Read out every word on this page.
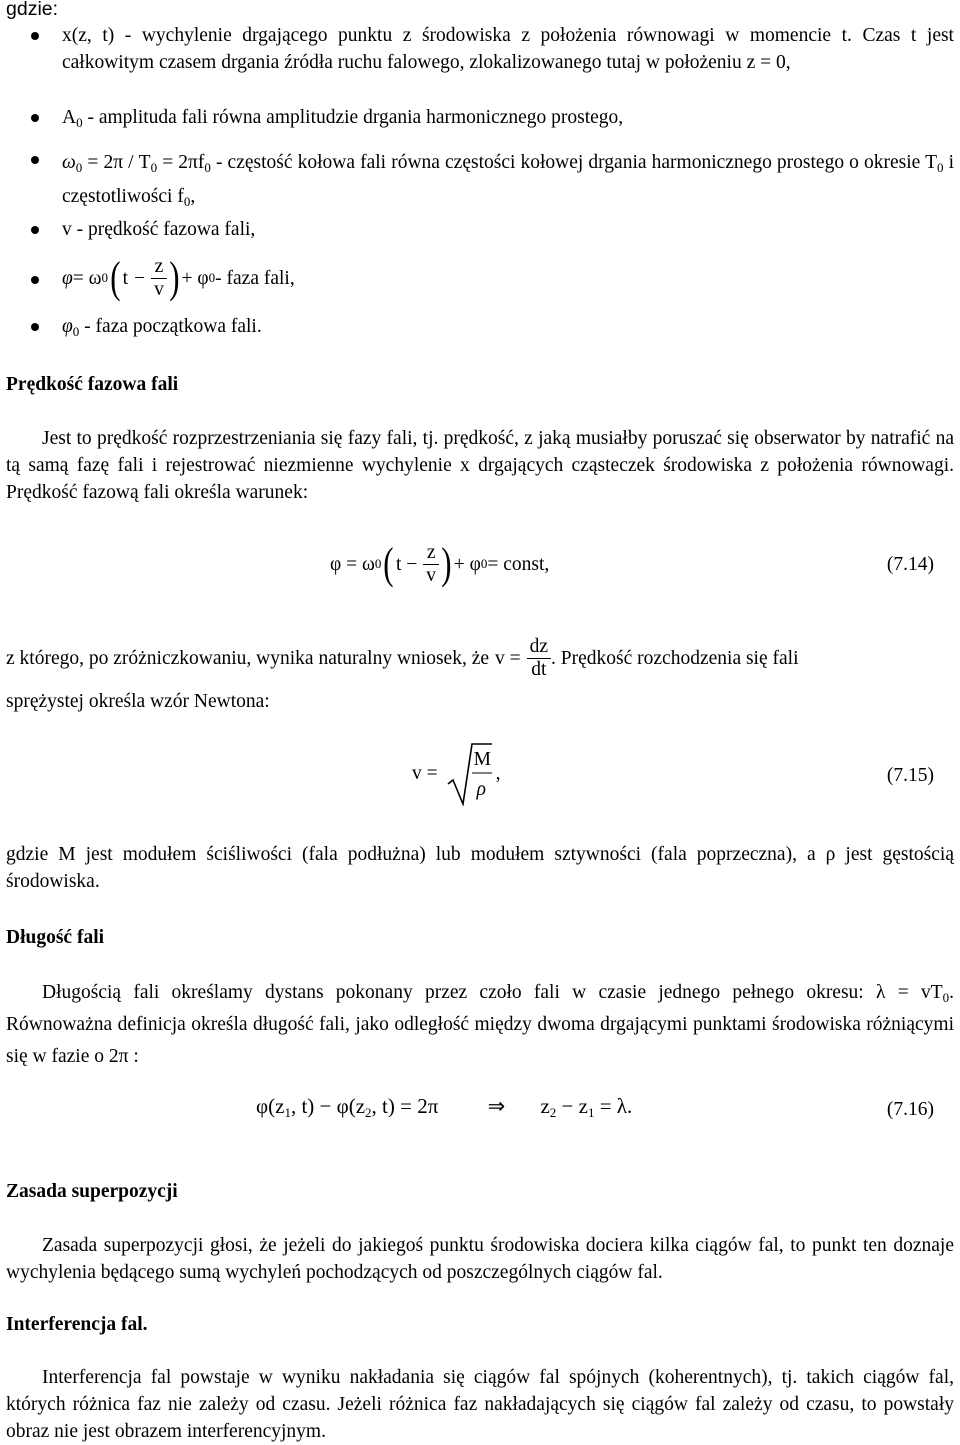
gdzie:
x(z, t) - wychylenie drgającego punktu z środowiska z położenia równowagi w momencie t. Czas t jest całkowitym czasem drgania źródła ruchu falowego, zlokalizowanego tutaj w położeniu z = 0,
$A_0$ - amplituda fali równa amplitudzie drgania harmonicznego prostego,
$\omega_0 = 2\pi / T_0 = 2\pi f_0$ - częstość kołowa fali równa częstości kołowej drgania harmonicznego prostego o okresie $T_0$ i częstotliwości $f_0$,
v - prędkość fazowa fali,
φ = ω 0 ( $t - \frac{z}{v}$ ) + φ 0 - faza fali,
$\varphi_0$ - faza początkowa fali.
Prędkość fazowa fali
Jest to prędkość rozprzestrzeniania się fazy fali, tj. prędkość, z jaką musiałby poruszać się obserwator by natrafić na tą samą fazę fali i rejestrować niezmienne wychylenie x drgających cząsteczek środowiska z położenia równowagi. Prędkość fazową fali określa warunek:
φ = ω 0 ( $t - \frac{z}{v}$ ) + φ 0 = const,	(7.14)
z którego, po zróżniczkowaniu, wynika naturalny wniosek, że $v = \frac{dz}{dt}$ . Prędkość rozchodzenia się fali
sprężystej określa wzór Newtona:
v =
M
ρ
,	(7.15)
gdzie M jest modułem ściśliwości (fala podłużna) lub modułem sztywności (fala poprzeczna), a ρ jest gęstością środowiska.
Długość fali
Długością fali określamy dystans pokonany przez czoło fali w czasie jednego pełnego okresu: $\lambda = vT_0$. Równoważna definicja określa długość fali, jako odległość między dwoma drgającymi punktami środowiska różniącymi się w fazie o 2π :
$\varphi(z_1$, $t) - \varphi(z_2$, t) = 2π ⇒ $z_2 - z_1 = \lambda$.	(7.16)
Zasada superpozycji
Zasada superpozycji głosi, że jeżeli do jakiegoś punktu środowiska dociera kilka ciągów fal, to punkt ten doznaje wychylenia będącego sumą wychyleń pochodzących od poszczególnych ciągów fal.
Interferencja fal.
Interferencja fal powstaje w wyniku nakładania się ciągów fal spójnych (koherentnych), tj. takich ciągów fal, których różnica faz nie zależy od czasu. Jeżeli różnica faz nakładających się ciągów fal zależy od czasu, to powstały obraz nie jest obrazem interferencyjnym.
